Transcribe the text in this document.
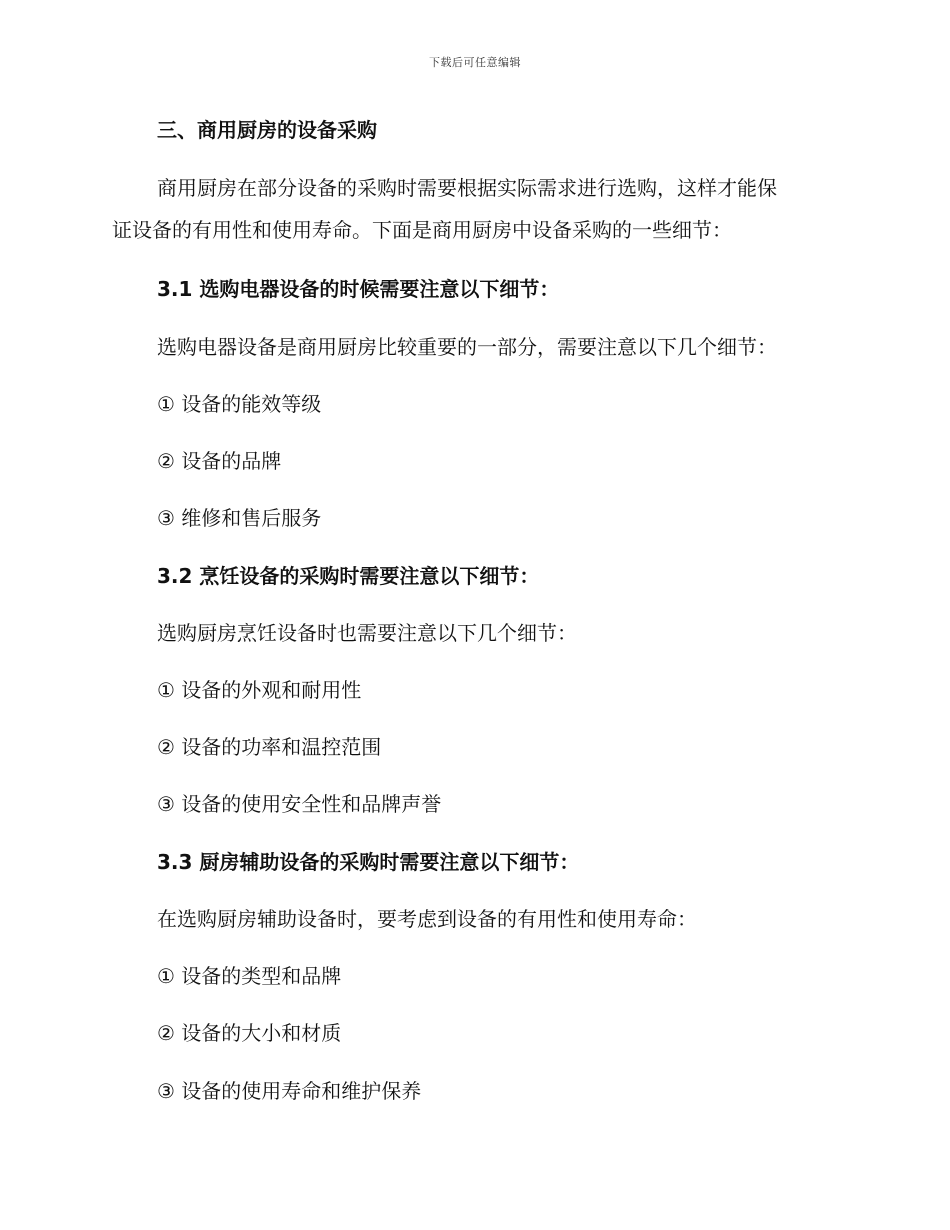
下载后可任意编辑
三、商用厨房的设备采购
商用厨房在部分设备的采购时需要根据实际需求进行选购，这样才能保
证设备的有用性和使用寿命。下面是商用厨房中设备采购的一些细节：
3.1 选购电器设备的时候需要注意以下细节：
选购电器设备是商用厨房比较重要的一部分，需要注意以下几个细节：
① 设备的能效等级
② 设备的品牌
③ 维修和售后服务
3.2 烹饪设备的采购时需要注意以下细节：
选购厨房烹饪设备时也需要注意以下几个细节：
① 设备的外观和耐用性
② 设备的功率和温控范围
③ 设备的使用安全性和品牌声誉
3.3 厨房辅助设备的采购时需要注意以下细节：
在选购厨房辅助设备时，要考虑到设备的有用性和使用寿命：
① 设备的类型和品牌
② 设备的大小和材质
③ 设备的使用寿命和维护保养
